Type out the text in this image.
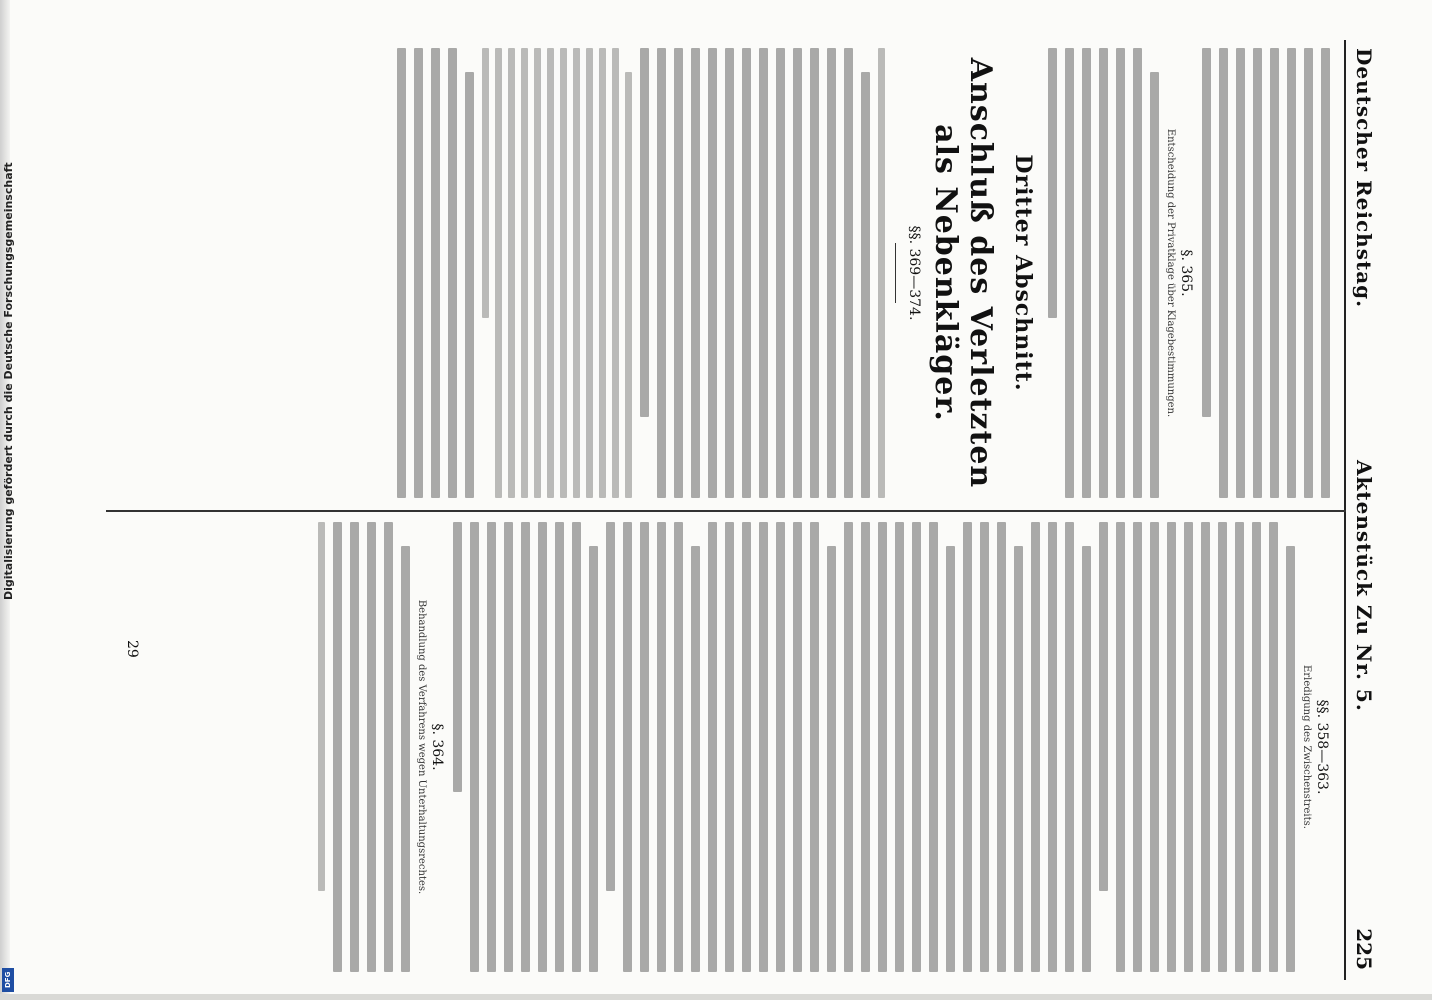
Deutscher Reichstag.
Aktenstück Zu Nr. 5.
225
§. 365.
Entscheidung der Privatklage über Klagebestimmungen.
Dritter Abschnitt.
Anschluß des Verletzten als Nebenkläger.
§§. 369—374.
§§. 358—363.
Erledigung des Zwischenstreits.
§. 364.
Behandlung des Verfahrens wegen Unterhaltungsrechtes.
29
Digitalisierung gefördert durch die Deutsche Forschungsgemeinschaft
DFG
